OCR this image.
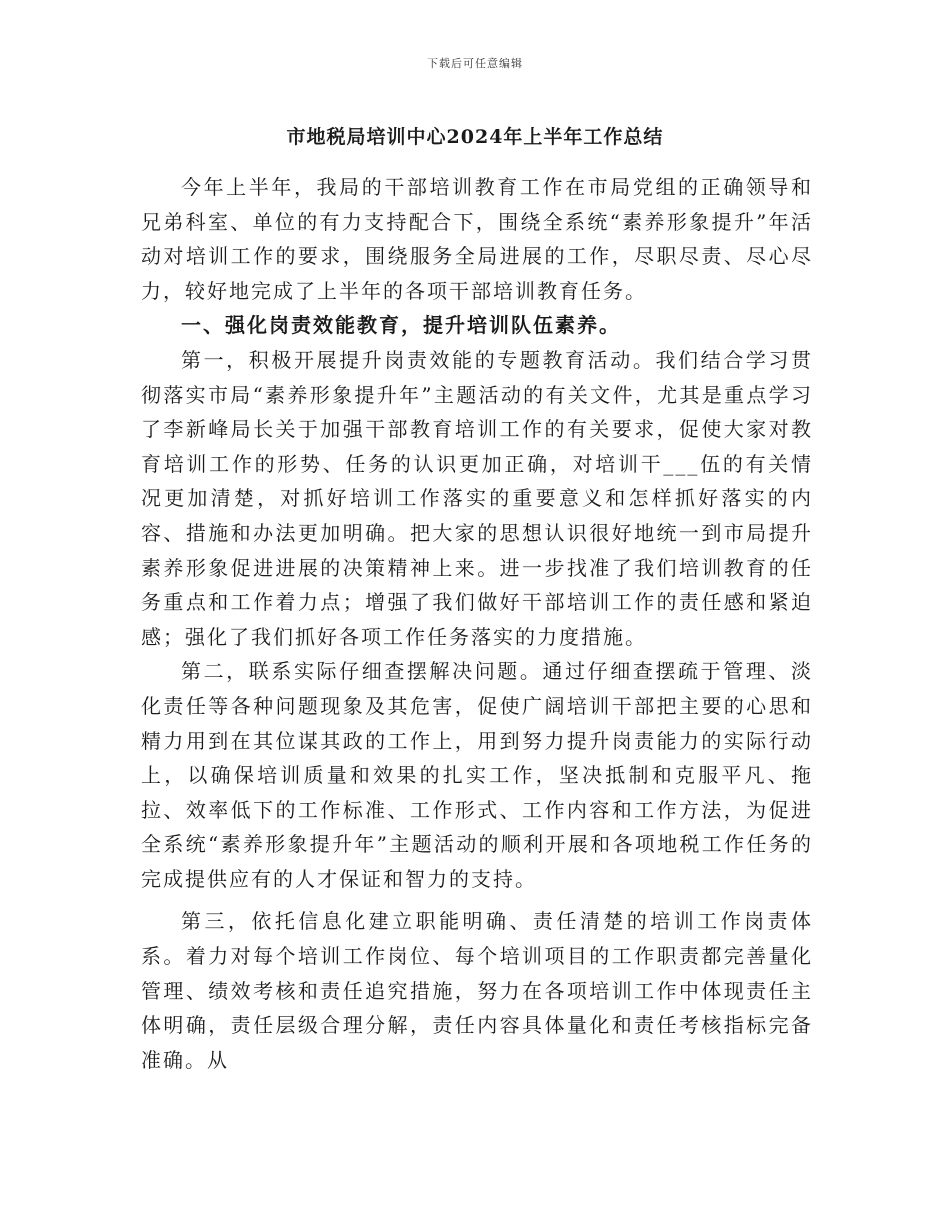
下载后可任意编辑
市地税局培训中心2024年上半年工作总结

今年上半年，我局的干部培训教育工作在市局党组的正确领导和兄弟科室、单位的有力支持配合下，围绕全系统“素养形象提升”年活动对培训工作的要求，围绕服务全局进展的工作，尽职尽责、尽心尽力，较好地完成了上半年的各项干部培训教育任务。

一、强化岗责效能教育，提升培训队伍素养。

第一，积极开展提升岗责效能的专题教育活动。我们结合学习贯彻落实市局“素养形象提升年”主题活动的有关文件，尤其是重点学习了李新峰局长关于加强干部教育培训工作的有关要求，促使大家对教育培训工作的形势、任务的认识更加正确，对培训干___伍的有关情况更加清楚，对抓好培训工作落实的重要意义和怎样抓好落实的内容、措施和办法更加明确。把大家的思想认识很好地统一到市局提升素养形象促进进展的决策精神上来。进一步找准了我们培训教育的任务重点和工作着力点；增强了我们做好干部培训工作的责任感和紧迫感；强化了我们抓好各项工作任务落实的力度措施。

第二，联系实际仔细查摆解决问题。通过仔细查摆疏于管理、淡化责任等各种问题现象及其危害，促使广阔培训干部把主要的心思和精力用到在其位谋其政的工作上，用到努力提升岗责能力的实际行动上，以确保培训质量和效果的扎实工作，坚决抵制和克服平凡、拖拉、效率低下的工作标准、工作形式、工作内容和工作方法，为促进全系统“素养形象提升年”主题活动的顺利开展和各项地税工作任务的完成提供应有的人才保证和智力的支持。

第三，依托信息化建立职能明确、责任清楚的培训工作岗责体系。着力对每个培训工作岗位、每个培训项目的工作职责都完善量化管理、绩效考核和责任追究措施，努力在各项培训工作中体现责任主体明确，责任层级合理分解，责任内容具体量化和责任考核指标完备准确。从
